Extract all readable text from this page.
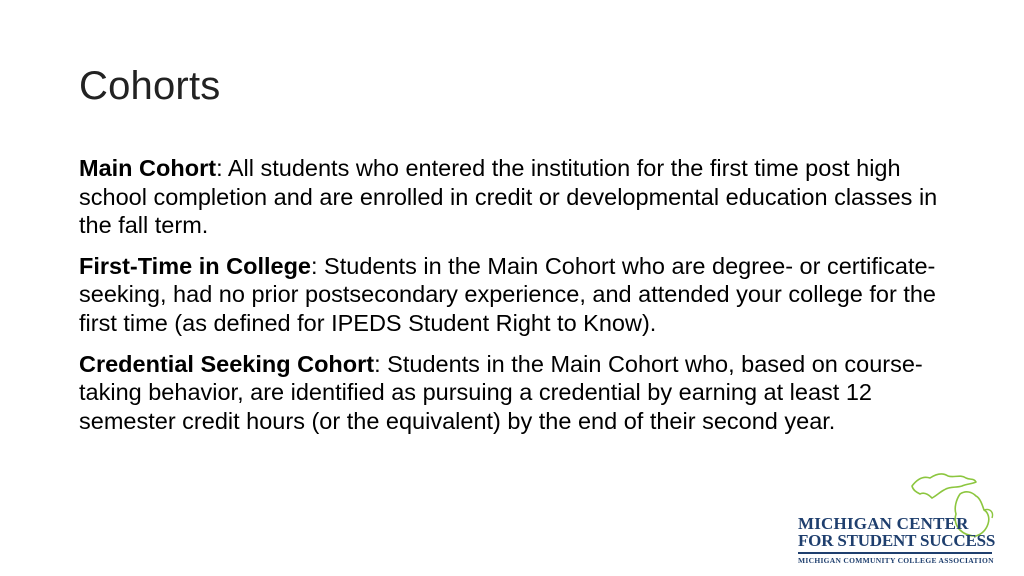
Cohorts

Main Cohort: All students who entered the institution for the first time post high school completion and are enrolled in credit or developmental education classes in the fall term.

First-Time in College: Students in the Main Cohort who are degree- or certificate-seeking, had no prior postsecondary experience, and attended your college for the first time (as defined for IPEDS Student Right to Know).

Credential Seeking Cohort: Students in the Main Cohort who, based on course-taking behavior, are identified as pursuing a credential by earning at least 12 semester credit hours (or the equivalent) by the end of their second year.

MICHIGAN CENTER
FOR STUDENT SUCCESS
MICHIGAN COMMUNITY COLLEGE ASSOCIATION
